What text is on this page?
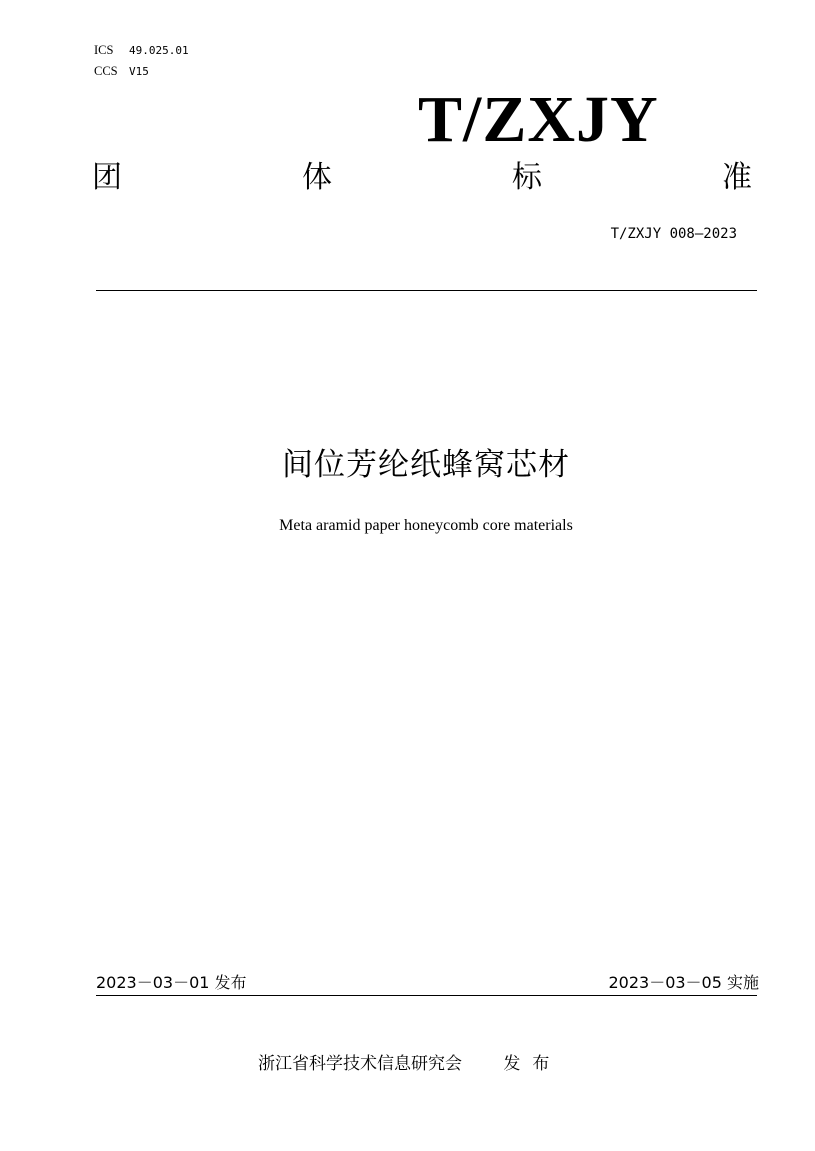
ICS	49.025.01
CCS	V15
T/ZXJY
团	体	标	准
T/ZXJY 008—2023
间位芳纶纸蜂窝芯材
Meta aramid paper honeycomb core materials
2023－03－01 发布	2023－03－05 实施
浙江省科学技术信息研究会 发布
